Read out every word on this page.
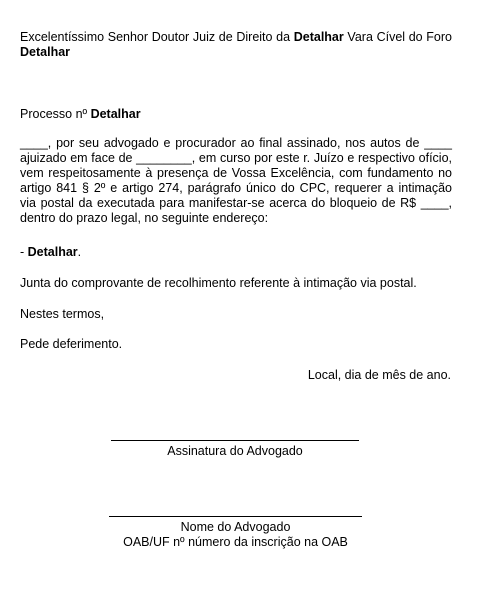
Excelentíssimo Senhor Doutor Juiz de Direito da Detalhar Vara Cível do Foro Detalhar
Processo nº Detalhar
____, por seu advogado e procurador ao final assinado, nos autos de ____ ajuizado em face de ________, em curso por este r. Juízo e respectivo ofício, vem respeitosamente à presença de Vossa Excelência, com fundamento no artigo 841 § 2º e artigo 274, parágrafo único do CPC, requerer a intimação via postal da executada para manifestar-se acerca do bloqueio de R$ ____, dentro do prazo legal, no seguinte endereço:
- Detalhar.
Junta do comprovante de recolhimento referente à intimação via postal.
Nestes termos,
Pede deferimento.
Local, dia de mês de ano.
Assinatura do Advogado
Nome do Advogado
OAB/UF nº número da inscrição na OAB
